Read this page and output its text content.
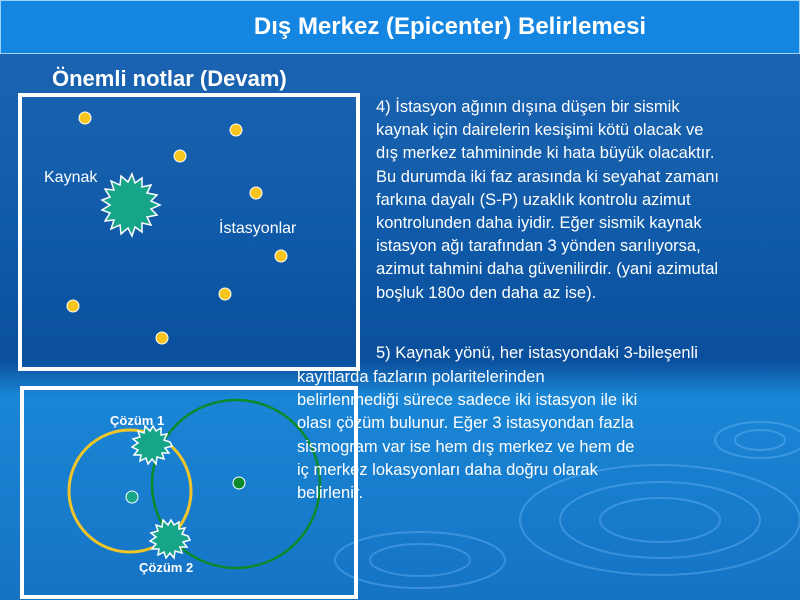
Dış Merkez (Epicenter) Belirlemesi
Önemli notlar (Devam)
Kaynak
İstasyonlar
Çözüm 1
Çözüm 2
4) İstasyon ağının dışına düşen bir sismik
kaynak için dairelerin kesişimi kötü olacak ve
dış merkez tahmininde ki hata büyük olacaktır.
Bu durumda iki faz arasında ki seyahat zamanı
farkına dayalı (S-P) uzaklık kontrolu azimut
kontrolunden daha iyidir. Eğer sismik kaynak
istasyon ağı tarafından 3 yönden sarılıyorsa,
azimut tahmini daha güvenilirdir. (yani azimutal
boşluk 180o den daha az ise).
5) Kaynak yönü, her istasyondaki 3-bileşenli
kayıtlarda fazların polaritelerinden
belirlenmediği sürece sadece iki istasyon ile iki
olası çözüm bulunur. Eğer 3 istasyondan fazla
sismogram var ise hem dış merkez ve hem de
iç merkez lokasyonları daha doğru olarak
belirlenir.
